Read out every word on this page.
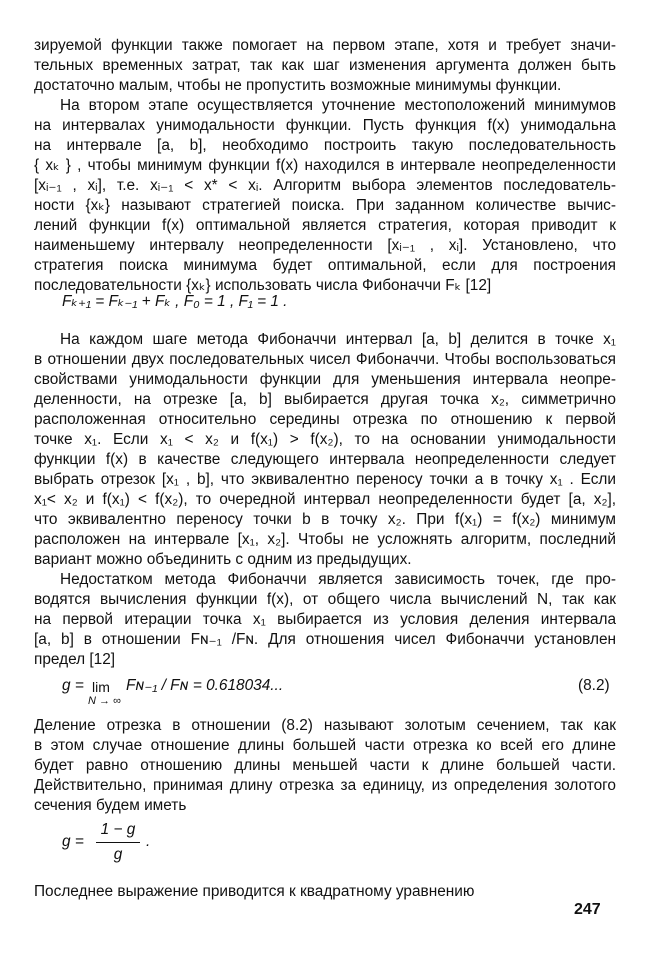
зируемой функции также помогает на первом этапе, хотя и требует значи-
тельных временных затрат, так как шаг изменения аргумента должен быть
достаточно малым, чтобы не пропустить возможные минимумы функции.
На втором этапе осуществляется уточнение местоположений минимумов
на интервалах унимодальности функции. Пусть функция f(x) унимодальна
на интервале [a, b], необходимо построить такую последовательность
{ xₖ } , чтобы минимум функции f(x) находился в интервале неопределенности
[xᵢ₋₁ , xᵢ], т.е. xᵢ₋₁ < x* < xᵢ. Алгоритм выбора элементов последователь-
ности {xₖ} называют стратегией поиска. При заданном количестве вычис-
лений функции f(x) оптимальной является стратегия, которая приводит к
наименьшему интервалу неопределенности [xᵢ₋₁ , xᵢ]. Установлено, что
стратегия поиска минимума будет оптимальной, если для построения
последовательности {xₖ} использовать числа Фибоначчи Fₖ [12]
Fₖ₊₁ = Fₖ₋₁ + Fₖ , F₀ = 1 , F₁ = 1 .
На каждом шаге метода Фибоначчи интервал [a, b] делится в точке x₁
в отношении двух последовательных чисел Фибоначчи. Чтобы воспользоваться
свойствами унимодальности функции для уменьшения интервала неопре-
деленности, на отрезке [a, b] выбирается другая точка x₂, симметрично
расположенная относительно середины отрезка по отношению к первой
точке x₁. Если x₁ < x₂ и f(x₁) > f(x₂), то на основании унимодальности
функции f(x) в качестве следующего интервала неопределенности следует
выбрать отрезок [x₁ , b], что эквивалентно переносу точки a в точку x₁ . Если
x₁< x₂ и f(x₁) < f(x₂), то очередной интервал неопределенности будет [a, x₂],
что эквивалентно переносу точки b в точку x₂. При f(x₁) = f(x₂) минимум
расположен на интервале [x₁, x₂]. Чтобы не усложнять алгоритм, последний
вариант можно объединить с одним из предыдущих.
Недостатком метода Фибоначчи является зависимость точек, где про-
водятся вычисления функции f(x), от общего числа вычислений N, так как
на первой итерации точка x₁ выбирается из условия деления интервала
[a, b] в отношении Fɴ₋₁ /Fɴ. Для отношения чисел Фибоначчи установлен
предел [12]
g = lim
N → ∞
Fɴ₋₁ / Fɴ = 0.618034...	(8.2)
Деление отрезка в отношении (8.2) называют золотым сечением, так как
в этом случае отношение длины большей части отрезка ко всей его длине
будет равно отношению длины меньшей части к длине большей части.
Действительно, принимая длину отрезка за единицу, из определения золотого
сечения будем иметь
g =
1 − g
g
.
Последнее выражение приводится к квадратному уравнению
247
